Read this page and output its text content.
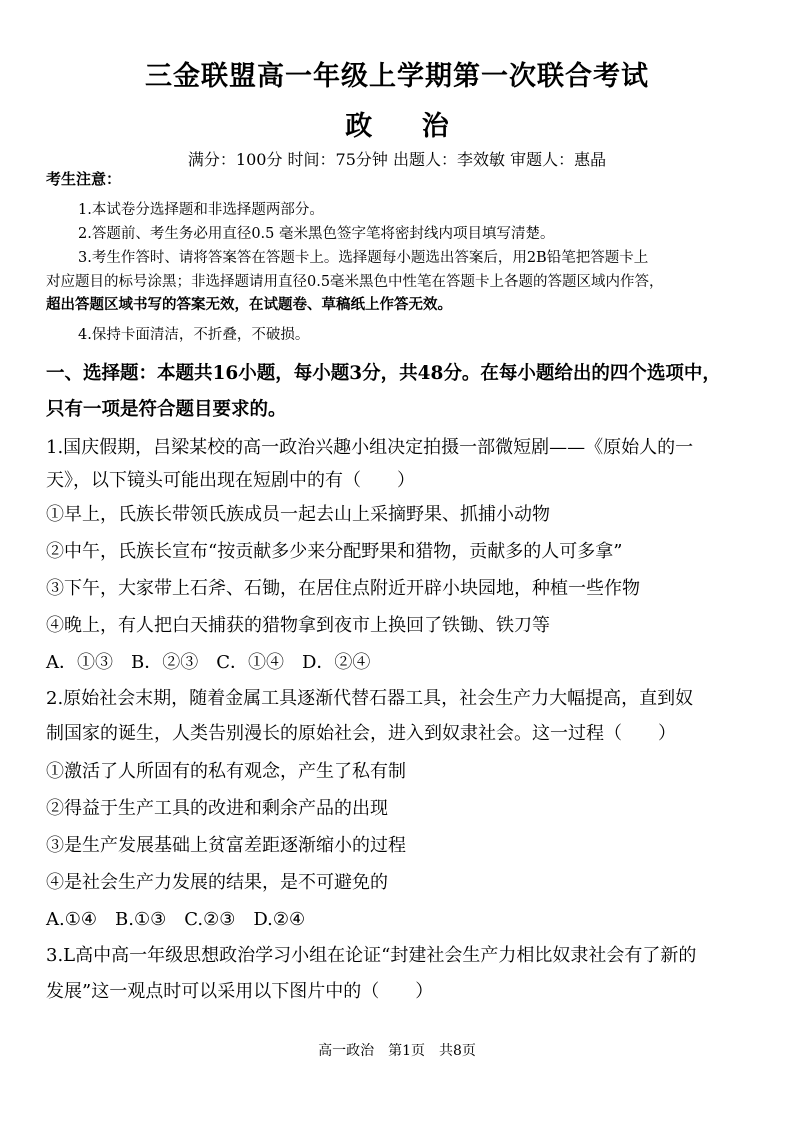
三金联盟高一年级上学期第一次联合考试
政 治
满分：100分 时间：75分钟 出题人：李效敏 审题人：惠晶
考生注意：
1.本试卷分选择题和非选择题两部分。
2.答题前、考生务必用直径0.5 毫米黑色签字笔将密封线内项目填写清楚。
3.考生作答时、请将答案答在答题卡上。选择题每小题选出答案后，用2B铅笔把答题卡上
对应题目的标号涂黑；非选择题请用直径0.5毫米黑色中性笔在答题卡上各题的答题区域内作答，
超出答题区域书写的答案无效，在试题卷、草稿纸上作答无效。
4.保持卡面清洁，不折叠，不破损。
一、选择题：本题共16小题，每小题3分，共48分。在每小题给出的四个选项中，
只有一项是符合题目要求的。
1.国庆假期，吕梁某校的高一政治兴趣小组决定拍摄一部微短剧——《原始人的一
天》，以下镜头可能出现在短剧中的有（　　）
①早上，氏族长带领氏族成员一起去山上采摘野果、抓捕小动物
②中午，氏族长宣布“按贡献多少来分配野果和猎物，贡献多的人可多拿”
③下午，大家带上石斧、石锄，在居住点附近开辟小块园地，种植一些作物
④晚上，有人把白天捕获的猎物拿到夜市上换回了铁锄、铁刀等
A．①③　B．②③　C．①④　D．②④
2.原始社会末期，随着金属工具逐渐代替石器工具，社会生产力大幅提高，直到奴
制国家的诞生，人类告别漫长的原始社会，进入到奴隶社会。这一过程（　　）
①激活了人所固有的私有观念，产生了私有制
②得益于生产工具的改进和剩余产品的出现
③是生产发展基础上贫富差距逐渐缩小的过程
④是社会生产力发展的结果，是不可避免的
A.①④　B.①③　C.②③　D.②④
3.L高中高一年级思想政治学习小组在论证“封建社会生产力相比奴隶社会有了新的
发展”这一观点时可以采用以下图片中的（　　）
高一政治　第1页　共8页
